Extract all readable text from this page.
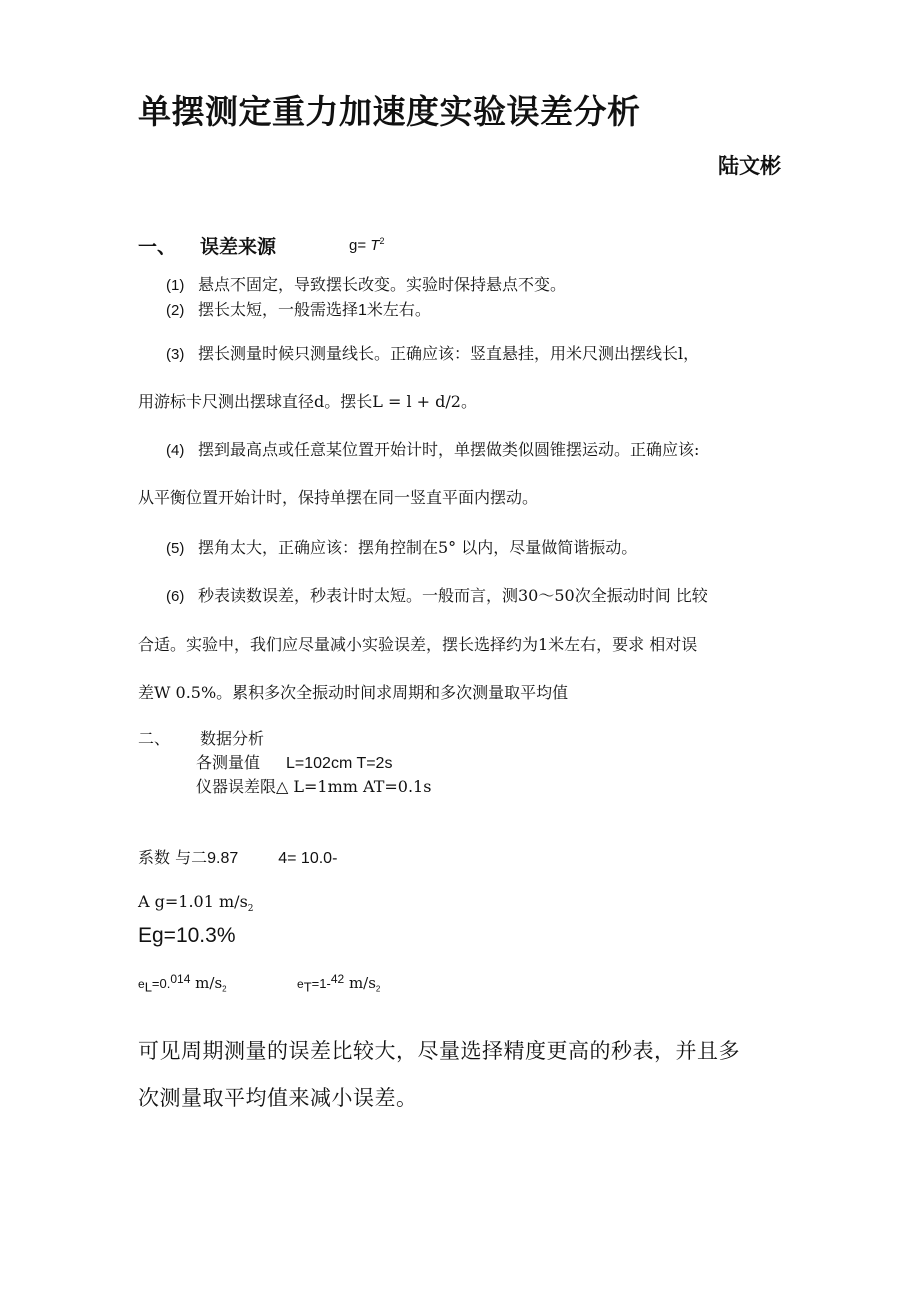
单摆测定重力加速度实验误差分析
陆文彬
一、 误差来源	$g= T^2$
(1) 悬点不固定，导致摆长改变。实验时保持悬点不变。
(2) 摆长太短，一般需选择1米左右。
(3) 摆长测量时候只测量线长。正确应该：竖直悬挂，用米尺测出摆线长l，
用游标卡尺测出摆球直径d。摆长L = l + d/2。
(4) 摆到最高点或任意某位置开始计时，单摆做类似圆锥摆运动。正确应该:
从平衡位置开始计时，保持单摆在同一竖直平面内摆动。
(5) 摆角太大，正确应该：摆角控制在5° 以内，尽量做简谐振动。
(6) 秒表读数误差，秒表计时太短。一般而言，测30〜50次全振动时间 比较
合适。实验中，我们应尽量减小实验误差，摆长选择约为1米左右，要求 相对误
差W 0.5%。累积多次全振动时间求周期和多次测量取平均值
二、 数据分析
各测量值 L=102cm T=2s
仪器误差限△ L=1mm AT=0.1s
系数 与二9.87	4= 10.0-
A g=1.01 $m/s_2$
Eg=10.3%
$e_L=0.^{014}$ $m/s_2$	$e_T=1-^{42}$ $m/s_2$
可见周期测量的误差比较大，尽量选择精度更高的秒表，并且多
次测量取平均值来减小误差。
